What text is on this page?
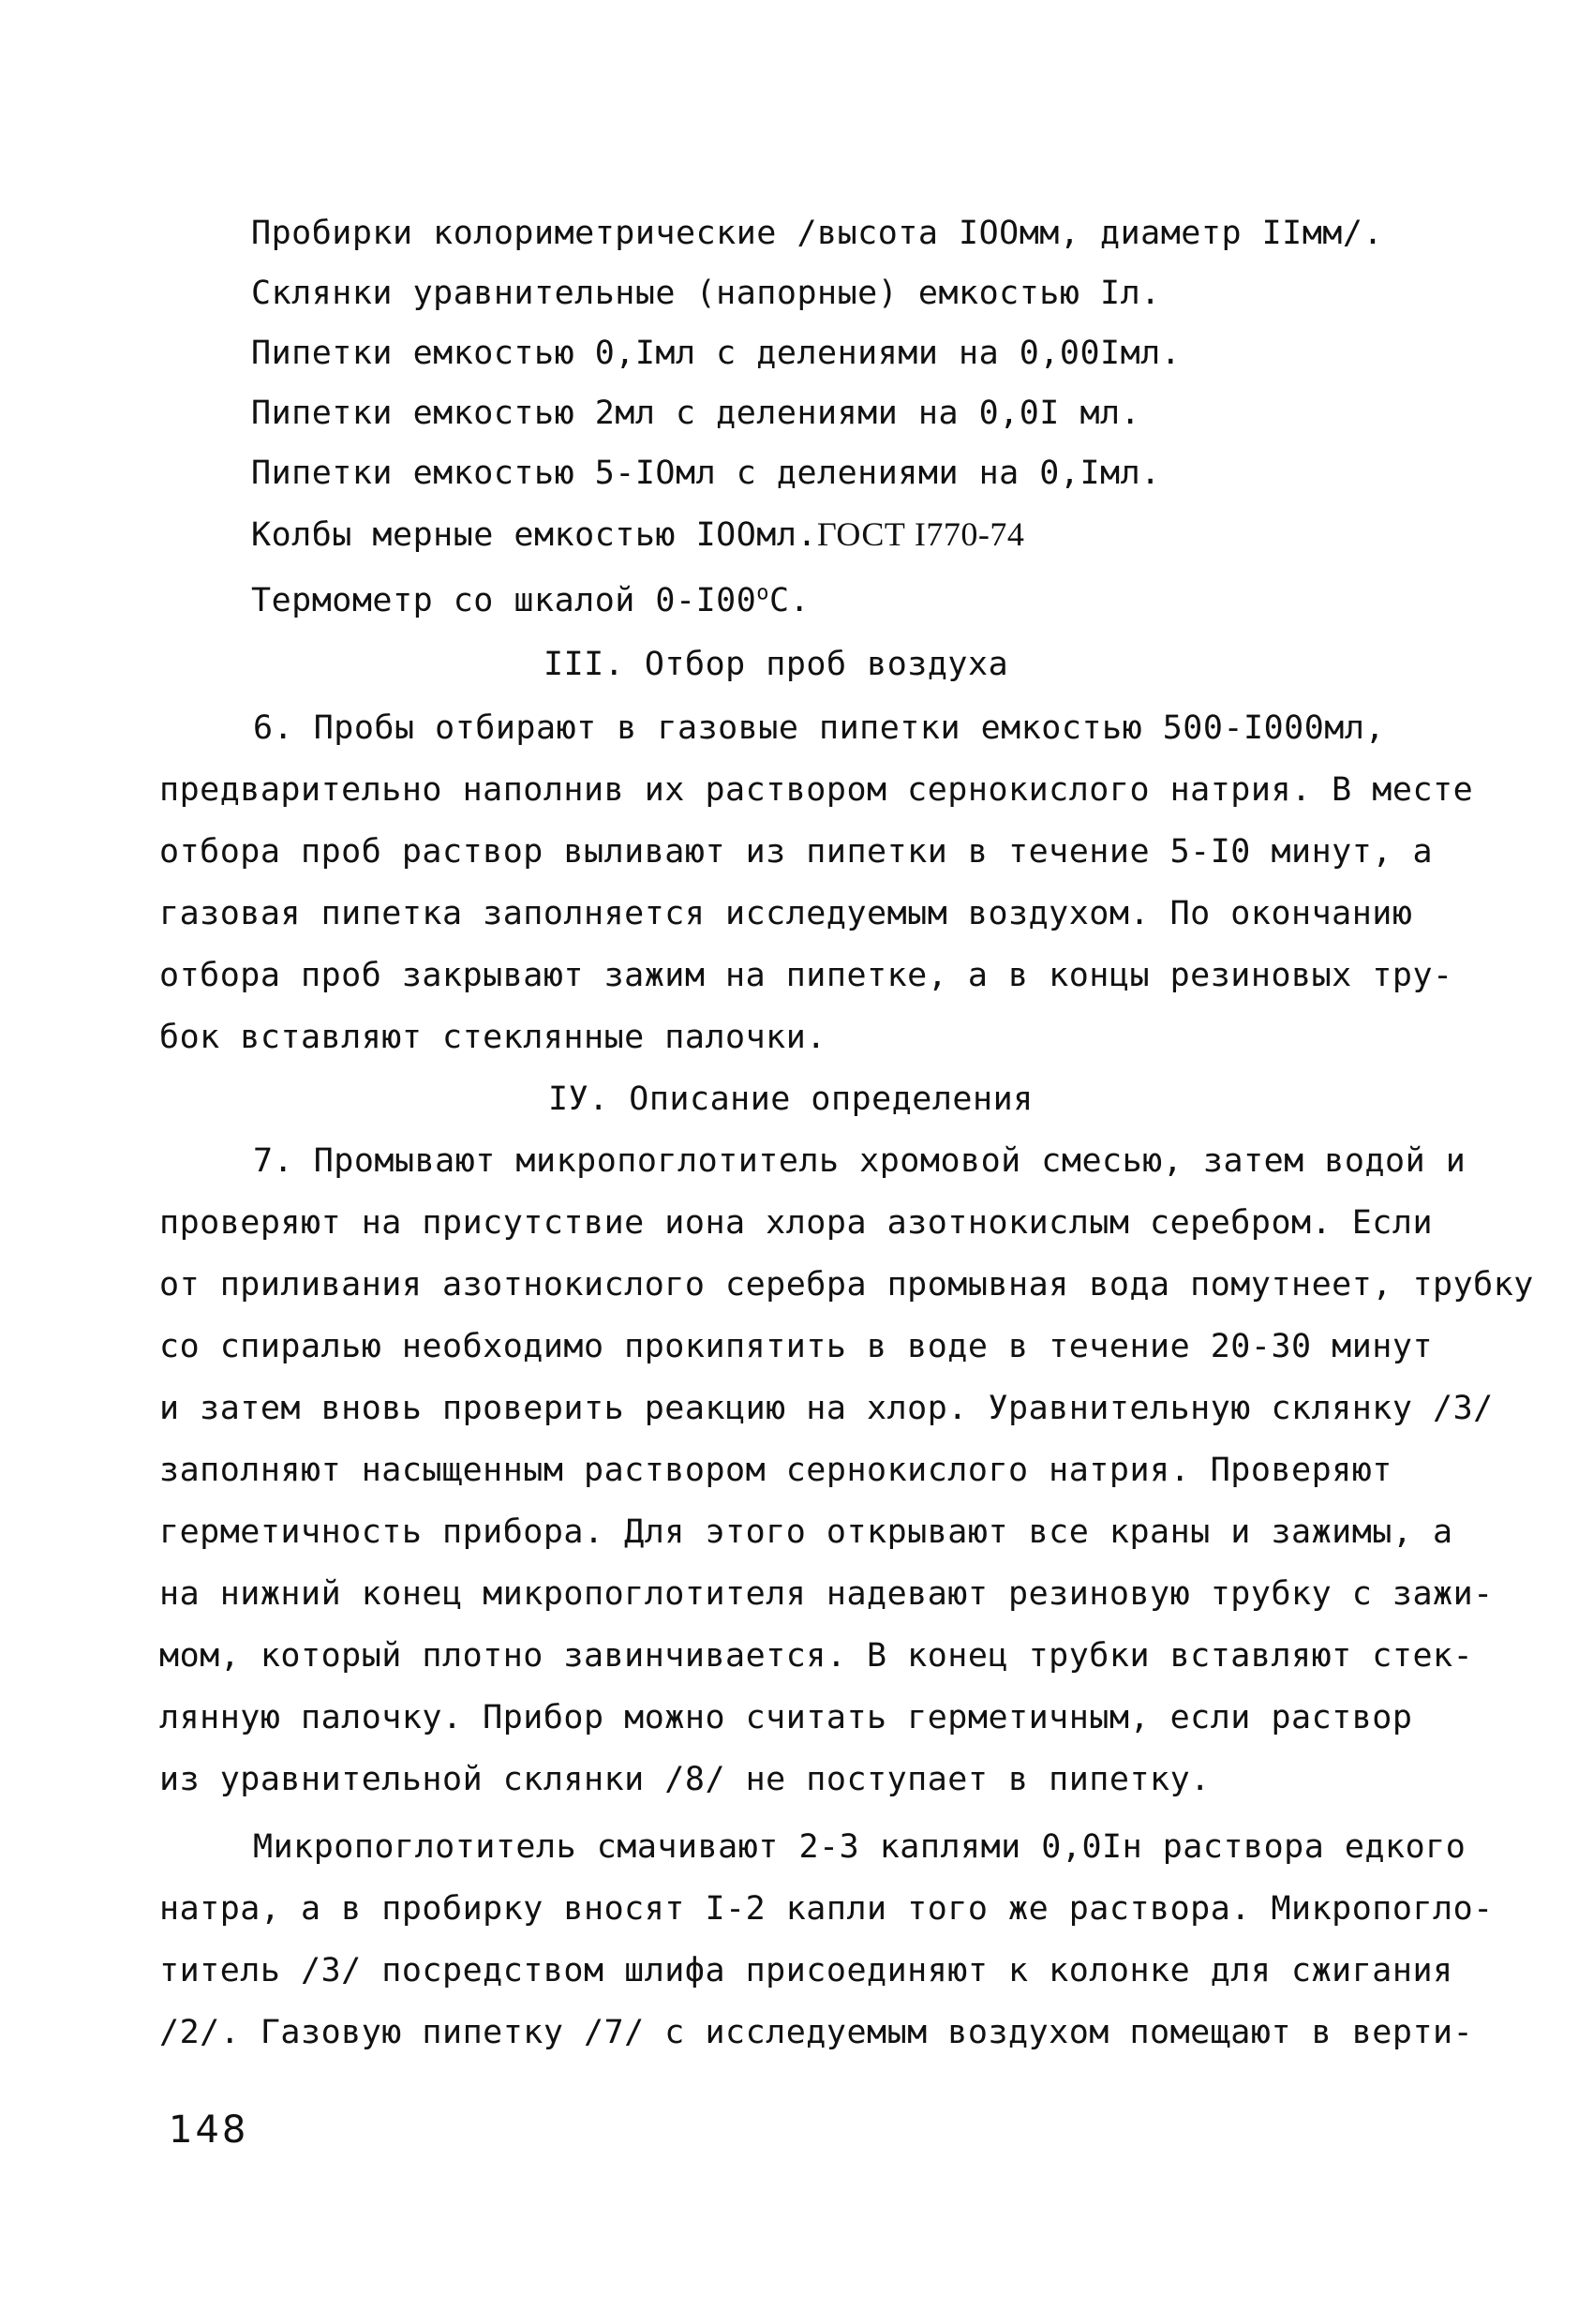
Пробирки колориметрические /высота IOOмм, диаметр IIмм/.
Склянки уравнительные (напорные) емкостью Iл.
Пипетки емкостью 0,Iмл с делениями на 0,00Iмл.
Пипетки емкостью 2мл с делениями на 0,0I мл.
Пипетки емкостью 5-IOмл с делениями на 0,Iмл.
Колбы мерные емкостью IOOмл.ГОСТ I770-74
Термометр со шкалой $0-I00^оС$.
III. Отбор проб воздуха
6. Пробы отбирают в газовые пипетки емкостью 500-I000мл,
предварительно наполнив их раствором сернокислого натрия. В месте
отбора проб раствор выливают из пипетки в течение 5-I0 минут, а
газовая пипетка заполняется исследуемым воздухом. По окончанию
отбора проб закрывают зажим на пипетке, а в концы резиновых тру-
бок вставляют стеклянные палочки.
IУ. Описание определения
7. Промывают микропоглотитель хромовой смесью, затем водой и
проверяют на присутствие иона хлора азотнокислым серебром. Если
от приливания азотнокислого серебра промывная вода помутнеет, трубку
со спиралью необходимо прокипятить в воде в течение 20-30 минут
и затем вновь проверить реакцию на хлор. Уравнительную склянку /3/
заполняют насыщенным раствором сернокислого натрия. Проверяют
герметичность прибора. Для этого открывают все краны и зажимы, а
на нижний конец микропоглотителя надевают резиновую трубку с зажи-
мом, который плотно завинчивается. В конец трубки вставляют стек-
лянную палочку. Прибор можно считать герметичным, если раствор
из уравнительной склянки /8/ не поступает в пипетку.
Микропоглотитель смачивают 2-3 каплями 0,0Iн раствора едкого
натра, а в пробирку вносят I-2 капли того же раствора. Микропогло-
титель /3/ посредством шлифа присоединяют к колонке для сжигания
/2/. Газовую пипетку /7/ с исследуемым воздухом помещают в верти-
148
